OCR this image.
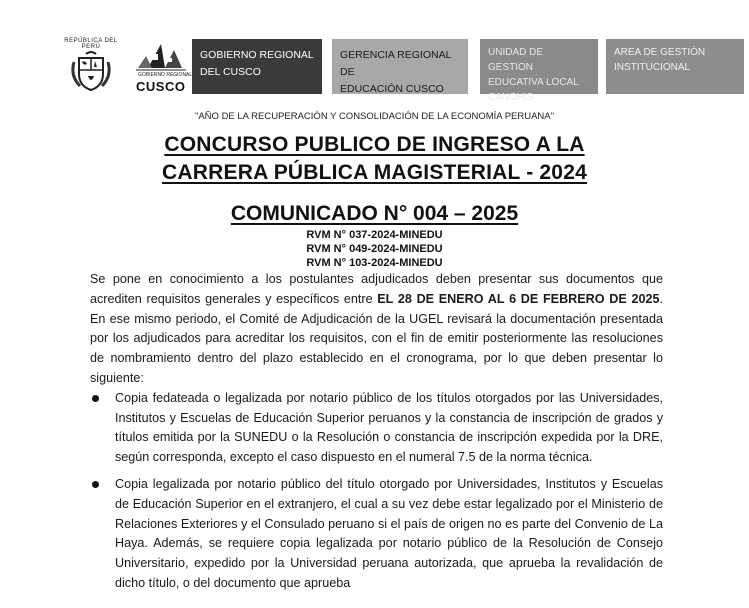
REPÚBLICA DEL PERÚ
GOBIERNO REGIONAL
CUSCO
GOBIERNO REGIONAL
DEL CUSCO
GERENCIA REGIONAL DE
EDUCACIÓN CUSCO
UNIDAD DE GESTION
EDUCATIVA LOCAL
CANCHIS
AREA DE GESTIÓN
INSTITUCIONAL
"AÑO DE LA RECUPERACIÓN Y CONSOLIDACIÓN DE LA ECONOMÍA PERUANA"
CONCURSO PUBLICO DE INGRESO A LA
CARRERA PÚBLICA MAGISTERIAL - 2024
COMUNICADO N° 004 – 2025
RVM N° 037-2024-MINEDU
RVM N° 049-2024-MINEDU
RVM N° 103-2024-MINEDU

Se pone en conocimiento a los postulantes adjudicados deben presentar sus documentos que acrediten requisitos generales y específicos entre EL 28 DE ENERO AL 6 DE FEBRERO DE 2025. En ese mismo periodo, el Comité de Adjudicación de la UGEL revisará la documentación presentada por los adjudicados para acreditar los requisitos, con el fin de emitir posteriormente las resoluciones de nombramiento dentro del plazo establecido en el cronograma, por lo que deben presentar lo siguiente:

Copia fedateada o legalizada por notario público de los títulos otorgados por las Universidades, Institutos y Escuelas de Educación Superior peruanos y la constancia de inscripción de grados y títulos emitida por la SUNEDU o la Resolución o constancia de inscripción expedida por la DRE, según corresponda, excepto el caso dispuesto en el numeral 7.5 de la norma técnica.
Copia legalizada por notario público del título otorgado por Universidades, Institutos y Escuelas de Educación Superior en el extranjero, el cual a su vez debe estar legalizado por el Ministerio de Relaciones Exteriores y el Consulado peruano si el país de origen no es parte del Convenio de La Haya. Además, se requiere copia legalizada por notario público de la Resolución de Consejo Universitario, expedido por la Universidad peruana autorizada, que aprueba la revalidación de dicho título, o del documento que aprueba
